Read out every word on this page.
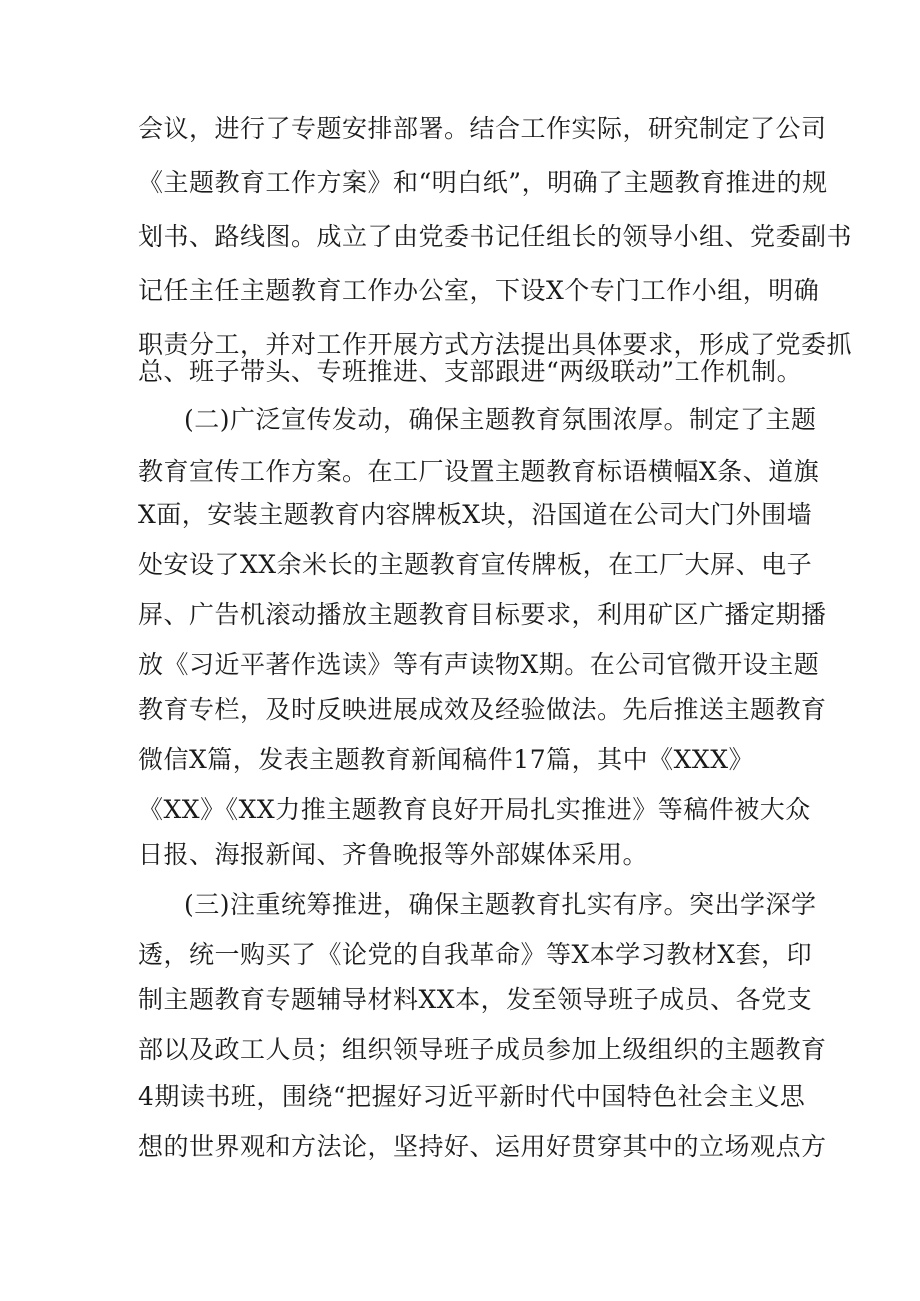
会议，进行了专题安排部署。结合工作实际，研究制定了公司
《主题教育工作方案》和“明白纸”，明确了主题教育推进的规
划书、路线图。成立了由党委书记任组长的领导小组、党委副书
记任主任主题教育工作办公室，下设X个专门工作小组，明确
职责分工，并对工作开展方式方法提出具体要求，形成了党委抓
总、班子带头、专班推进、支部跟进“两级联动”工作机制。
(二)广泛宣传发动，确保主题教育氛围浓厚。制定了主题
教育宣传工作方案。在工厂设置主题教育标语横幅X条、道旗
X面，安装主题教育内容牌板X块，沿国道在公司大门外围墙
处安设了XX余米长的主题教育宣传牌板，在工厂大屏、电子
屏、广告机滚动播放主题教育目标要求，利用矿区广播定期播
放《习近平著作选读》等有声读物X期。在公司官微开设主题
教育专栏，及时反映进展成效及经验做法。先后推送主题教育
微信X篇，发表主题教育新闻稿件17篇，其中《XXX》
《XX》《XX力推主题教育良好开局扎实推进》等稿件被大众
日报、海报新闻、齐鲁晚报等外部媒体采用。
(三)注重统筹推进，确保主题教育扎实有序。突出学深学
透，统一购买了《论党的自我革命》等X本学习教材X套，印
制主题教育专题辅导材料XX本，发至领导班子成员、各党支
部以及政工人员；组织领导班子成员参加上级组织的主题教育
4期读书班，围绕“把握好习近平新时代中国特色社会主义思
想的世界观和方法论，坚持好、运用好贯穿其中的立场观点方
